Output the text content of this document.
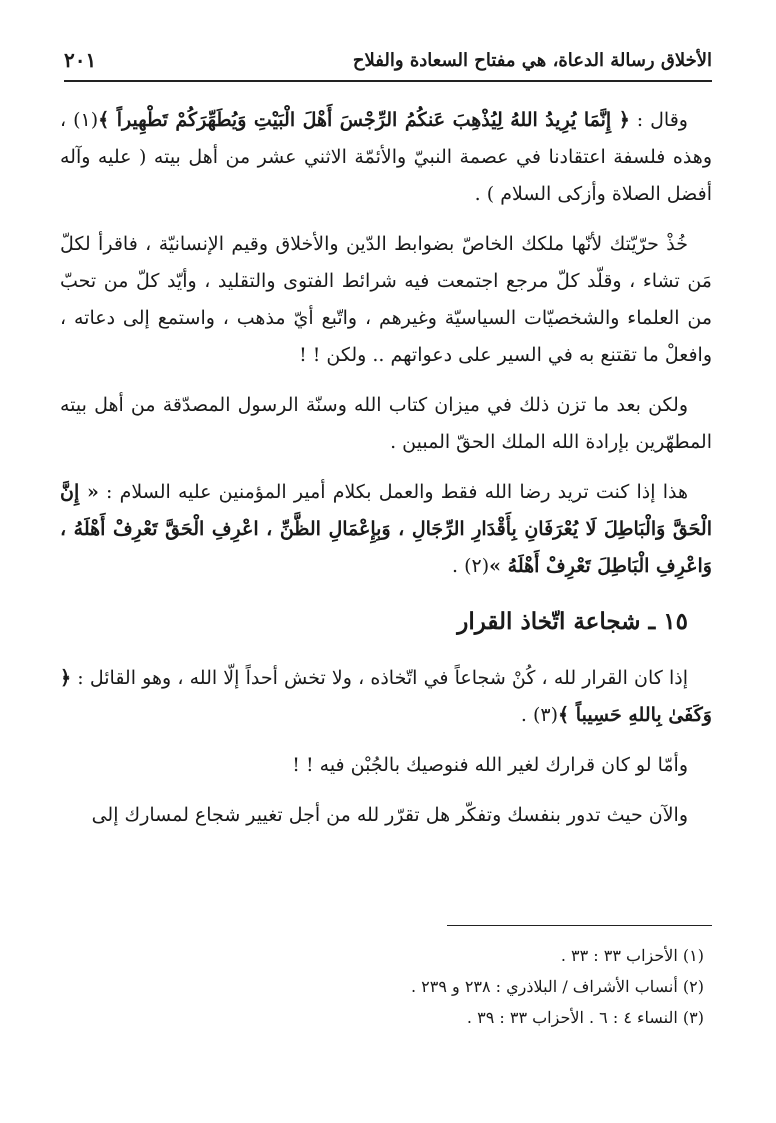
الأخلاق رسالة الدعاة، هي مفتاح السعادة والفلاح
٢٠١

وقال : ﴿ إِنَّمَا يُرِيدُ اللهُ لِيُذْهِبَ عَنكُمُ الرِّجْسَ أَهْلَ الْبَيْتِ وَيُطَهِّرَكُمْ تَطْهِيراً ﴾(١) ، وهذه فلسفة اعتقادنا في عصمة النبيّ والأئمّة الاثني عشر من أهل بيته ( عليه وآله أفضل الصلاة وأزكى السلام ) .

خُذْ حرّيّتك لأنّها ملكك الخاصّ بضوابط الدّين والأخلاق وقيم الإنسانيّة ، فاقرأ لكلّ مَن تشاء ، وقلّد كلّ مرجع اجتمعت فيه شرائط الفتوى والتقليد ، وأيّد كلّ من تحبّ من العلماء والشخصيّات السياسيّة وغيرهم ، واتّبع أيّ مذهب ، واستمع إلى دعاته ، وافعلْ ما تقتنع به في السير على دعواتهم .. ولكن ! !

ولكن بعد ما تزن ذلك في ميزان كتاب الله وسنّة الرسول المصدّقة من أهل بيته المطهّرين بإرادة الله الملك الحقّ المبين .

هذا إذا كنت تريد رضا الله فقط والعمل بكلام أمير المؤمنين عليه السلام : « إِنَّ الْحَقَّ وَالْبَاطِلَ لَا يُعْرَفَانِ بِأَقْدَارِ الرِّجَالِ ، وَبِإِعْمَالِ الظَّنِّ ، اعْرِفِ الْحَقَّ تَعْرِفْ أَهْلَهُ ، وَاعْرِفِ الْبَاطِلَ تَعْرِفْ أَهْلَهُ »(٢) .

١٥ ـ شجاعة اتّخاذ القرار

إذا كان القرار لله ، كُنْ شجاعاً في اتّخاذه ، ولا تخش أحداً إلّا الله ، وهو القائل : ﴿ وَكَفَىٰ بِاللهِ حَسِيباً ﴾(٣) .

وأمّا لو كان قرارك لغير الله فنوصيك بالجُبْن فيه ! !

والآن حيث تدور بنفسك وتفكّر هل تقرّر لله من أجل تغيير شجاع لمسارك إلى

(١) الأحزاب ٣٣ : ٣٣ .
(٢) أنساب الأشراف / البلاذري : ٢٣٨ و ٢٣٩ .
(٣) النساء ٤ : ٦ . الأحزاب ٣٣ : ٣٩ .
